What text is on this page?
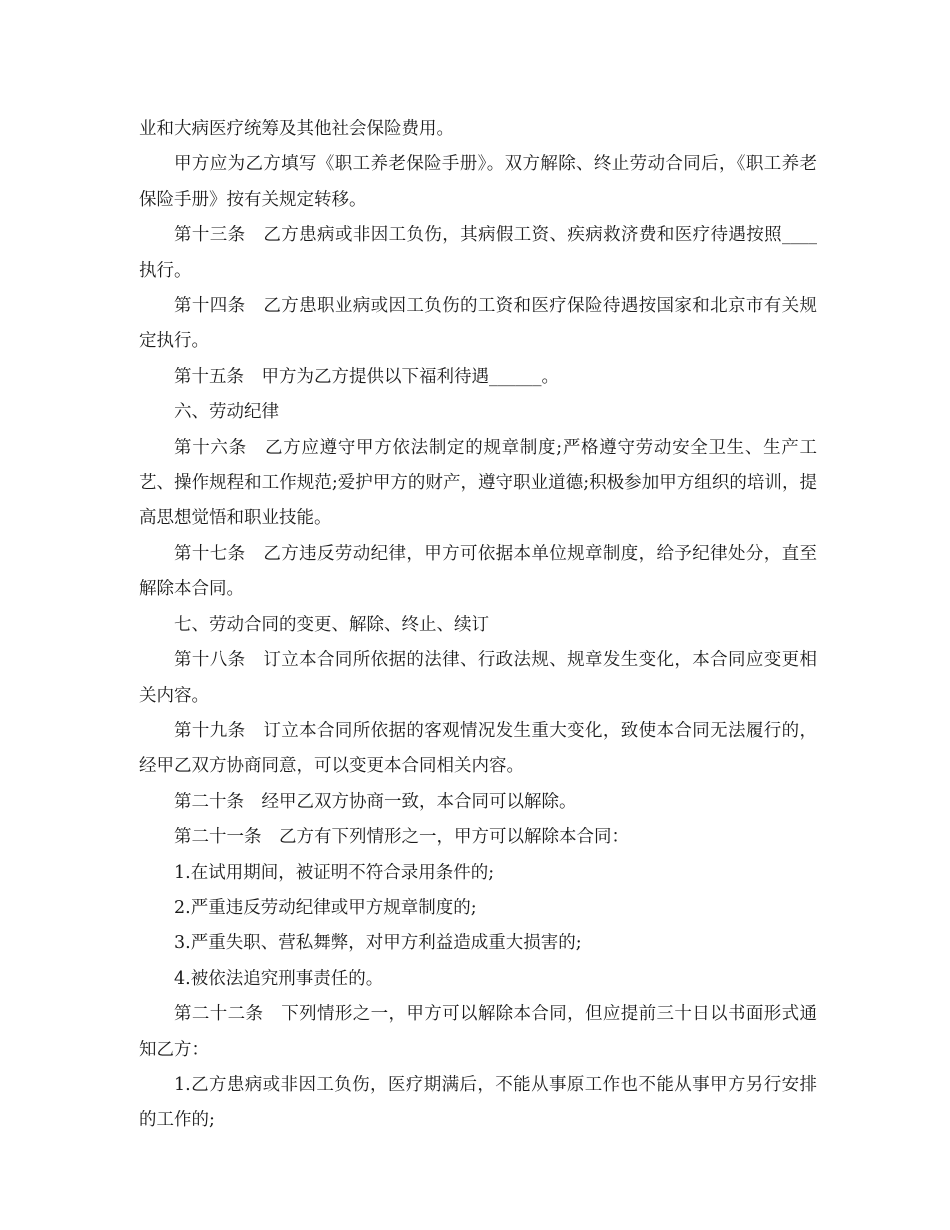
业和大病医疗统筹及其他社会保险费用。

甲方应为乙方填写《职工养老保险手册》。双方解除、终止劳动合同后，《职工养老保险手册》按有关规定转移。

第十三条　乙方患病或非因工负伤，其病假工资、疾病救济费和医疗待遇按照____执行。

第十四条　乙方患职业病或因工负伤的工资和医疗保险待遇按国家和北京市有关规定执行。

第十五条　甲方为乙方提供以下福利待遇______。

六、劳动纪律

第十六条　乙方应遵守甲方依法制定的规章制度;严格遵守劳动安全卫生、生产工艺、操作规程和工作规范;爱护甲方的财产，遵守职业道德;积极参加甲方组织的培训，提高思想觉悟和职业技能。

第十七条　乙方违反劳动纪律，甲方可依据本单位规章制度，给予纪律处分，直至解除本合同。

七、劳动合同的变更、解除、终止、续订

第十八条　订立本合同所依据的法律、行政法规、规章发生变化，本合同应变更相关内容。

第十九条　订立本合同所依据的客观情况发生重大变化，致使本合同无法履行的，经甲乙双方协商同意，可以变更本合同相关内容。

第二十条　经甲乙双方协商一致，本合同可以解除。

第二十一条　乙方有下列情形之一，甲方可以解除本合同：

1.在试用期间，被证明不符合录用条件的;

2.严重违反劳动纪律或甲方规章制度的;

3.严重失职、营私舞弊，对甲方利益造成重大损害的;

4.被依法追究刑事责任的。

第二十二条　下列情形之一，甲方可以解除本合同，但应提前三十日以书面形式通知乙方：

1.乙方患病或非因工负伤，医疗期满后，不能从事原工作也不能从事甲方另行安排的工作的;
